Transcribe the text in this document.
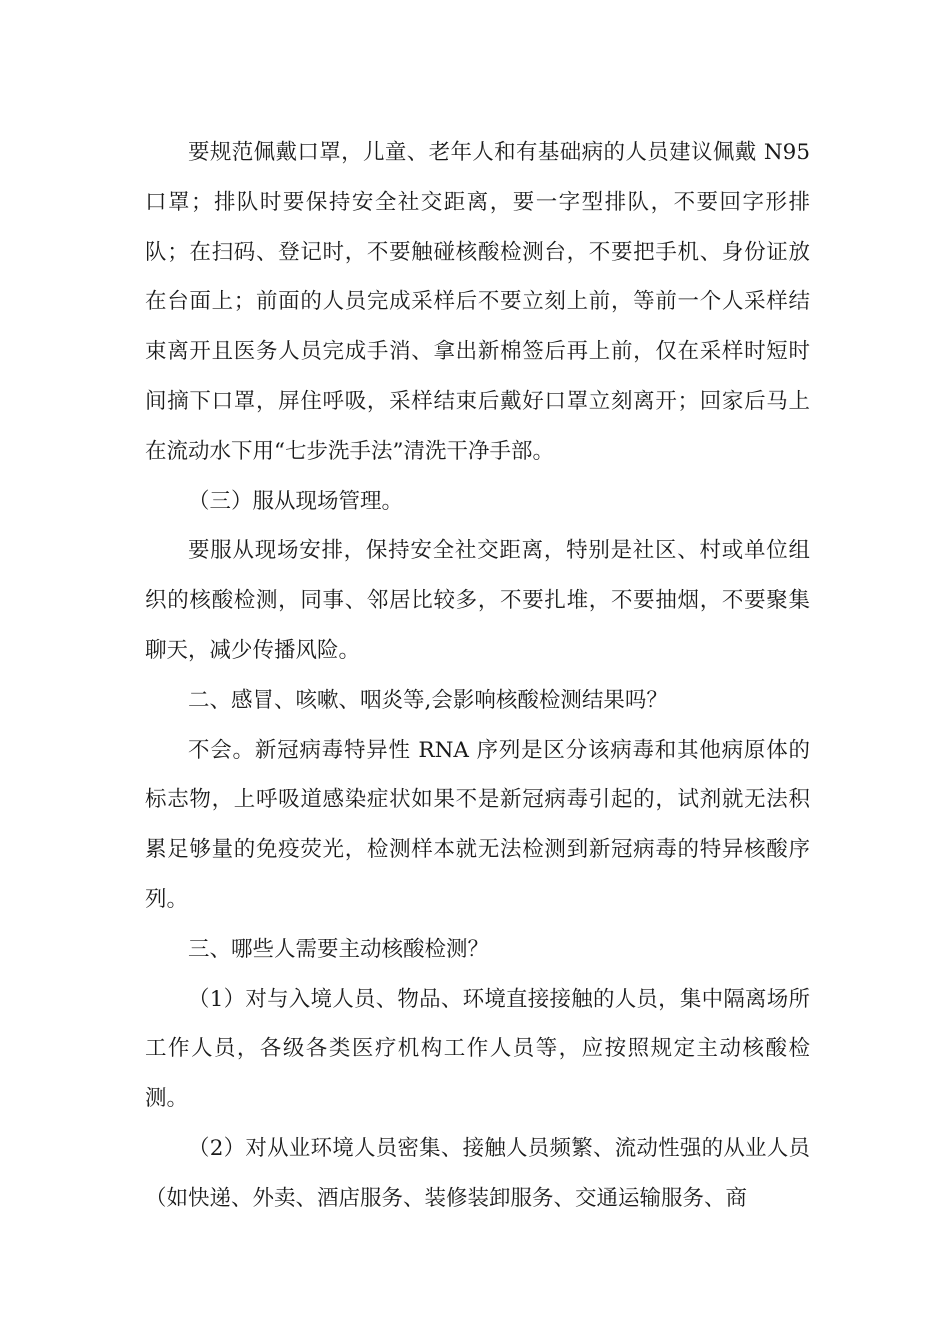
要规范佩戴口罩，儿童、老年人和有基础病的人员建议佩戴 N95 口罩；排队时要保持安全社交距离，要一字型排队，不要回字形排队；在扫码、登记时，不要触碰核酸检测台，不要把手机、身份证放在台面上；前面的人员完成采样后不要立刻上前，等前一个人采样结束离开且医务人员完成手消、拿出新棉签后再上前，仅在采样时短时间摘下口罩，屏住呼吸，采样结束后戴好口罩立刻离开；回家后马上在流动水下用“七步洗手法”清洗干净手部。

（三）服从现场管理。

要服从现场安排，保持安全社交距离，特别是社区、村或单位组织的核酸检测，同事、邻居比较多，不要扎堆，不要抽烟，不要聚集聊天，减少传播风险。

二、感冒、咳嗽、咽炎等,会影响核酸检测结果吗？

不会。新冠病毒特异性 RNA 序列是区分该病毒和其他病原体的标志物，上呼吸道感染症状如果不是新冠病毒引起的，试剂就无法积累足够量的免疫荧光，检测样本就无法检测到新冠病毒的特异核酸序列。

三、哪些人需要主动核酸检测？

（1）对与入境人员、物品、环境直接接触的人员，集中隔离场所工作人员，各级各类医疗机构工作人员等，应按照规定主动核酸检测。

（2）对从业环境人员密集、接触人员频繁、流动性强的从业人员（如快递、外卖、酒店服务、装修装卸服务、交通运输服务、商
